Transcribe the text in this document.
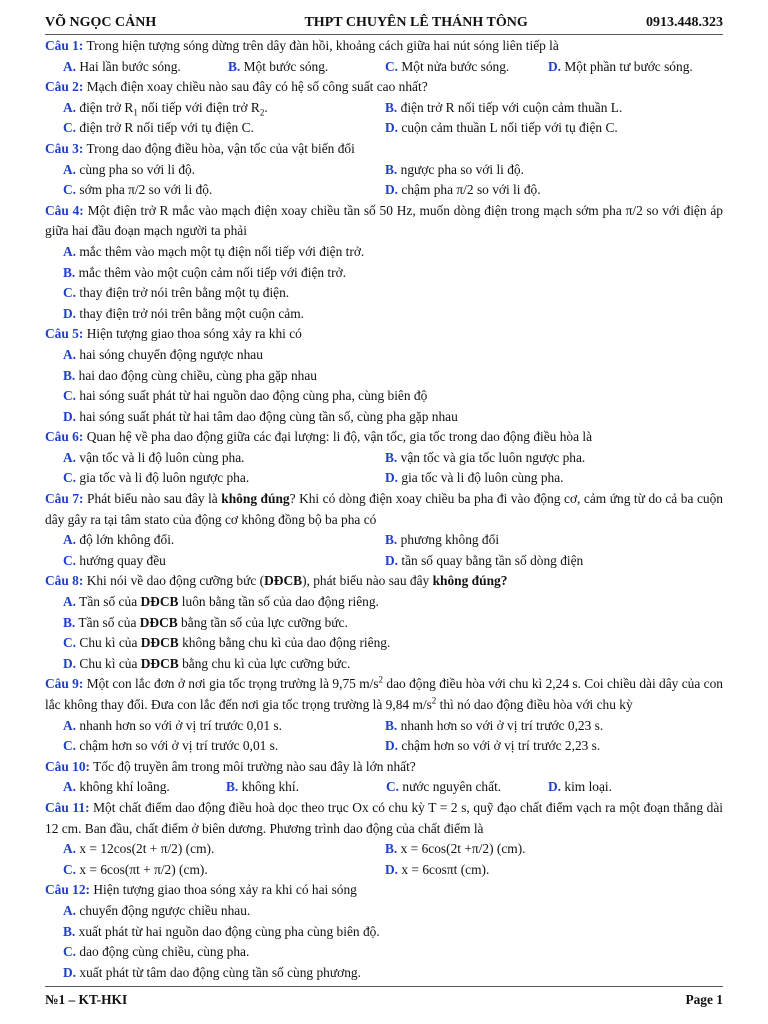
VÕ NGỌC CẢNH	THPT CHUYÊN LÊ THÁNH TÔNG	0913.448.323
Câu 1: Trong hiện tượng sóng dừng trên dây đàn hồi, khoảng cách giữa hai nút sóng liên tiếp là
A. Hai lần bước sóng.	B. Một bước sóng.	C. Một nửa bước sóng.	D. Một phần tư bước sóng.
Câu 2: Mạch điện xoay chiều nào sau đây có hệ số công suất cao nhất?
A. điện trở $R_1$ nối tiếp với điện trở $R_2$.	B. điện trở R nối tiếp với cuộn cảm thuần L.
C. điện trở R nối tiếp với tụ điện C.	D. cuộn cảm thuần L nối tiếp với tụ điện C.
Câu 3: Trong dao động điều hòa, vận tốc của vật biến đổi
A. cùng pha so với li độ.	B. ngược pha so với li độ.
C. sớm pha π/2 so với li độ.	D. chậm pha π/2 so với li độ.
Câu 4: Một điện trở R mắc vào mạch điện xoay chiều tần số 50 Hz, muốn dòng điện trong mạch sớm pha π/2 so với điện áp giữa hai đầu đoạn mạch người ta phải
A. mắc thêm vào mạch một tụ điện nối tiếp với điện trở.
B. mắc thêm vào một cuộn cảm nối tiếp với điện trở.
C. thay điện trở nói trên bằng một tụ điện.
D. thay điện trở nói trên bằng một cuộn cảm.
Câu 5: Hiện tượng giao thoa sóng xảy ra khi có
A. hai sóng chuyển động ngược nhau
B. hai dao động cùng chiều, cùng pha gặp nhau
C. hai sóng suất phát từ hai nguồn dao động cùng pha, cùng biên độ
D. hai sóng suất phát từ hai tâm dao động cùng tần số, cùng pha gặp nhau
Câu 6: Quan hệ về pha dao động giữa các đại lượng: li độ, vận tốc, gia tốc trong dao động điều hòa là
A. vận tốc và li độ luôn cùng pha.	B. vận tốc và gia tốc luôn ngược pha.
C. gia tốc và li độ luôn ngược pha.	D. gia tốc và li độ luôn cùng pha.
Câu 7: Phát biểu nào sau đây là không đúng? Khi có dòng điện xoay chiều ba pha đi vào động cơ, cảm ứng từ do cả ba cuộn dây gây ra tại tâm stato của động cơ không đồng bộ ba pha có
A. độ lớn không đổi.	B. phương không đổi
C. hướng quay đều	D. tần số quay bằng tần số dòng điện
Câu 8: Khi nói về dao động cưỡng bức (DĐCB), phát biểu nào sau đây không đúng?
A. Tần số của DĐCB luôn bằng tần số của dao động riêng.
B. Tần số của DĐCB bằng tần số của lực cưỡng bức.
C. Chu kì của DĐCB không bằng chu kì của dao động riêng.
D. Chu kì của DĐCB bằng chu kì của lực cưỡng bức.
Câu 9: Một con lắc đơn ở nơi gia tốc trọng trường là 9,75 $m/s^2$ dao động điều hòa với chu kì 2,24 s. Coi chiều dài dây của con lắc không thay đổi. Đưa con lắc đến nơi gia tốc trọng trường là 9,84 $m/s^2$ thì nó dao động điều hòa với chu kỳ
A. nhanh hơn so với ở vị trí trước 0,01 s.	B. nhanh hơn so với ở vị trí trước 0,23 s.
C. chậm hơn so với ở vị trí trước 0,01 s.	D. chậm hơn so với ở vị trí trước 2,23 s.
Câu 10: Tốc độ truyền âm trong môi trường nào sau đây là lớn nhất?
A. không khí loãng.	B. không khí.	C. nước nguyên chất.	D. kim loại.
Câu 11: Một chất điểm dao động điều hoà dọc theo trục Ox có chu kỳ T = 2 s, quỹ đạo chất điểm vạch ra một đoạn thẳng dài 12 cm. Ban đầu, chất điểm ở biên dương. Phương trình dao động của chất điểm là
A. x = 12cos(2t + π/2) (cm).	B. x = 6cos(2t +π/2) (cm).
C. x = 6cos(πt + π/2) (cm).	D. x = 6cosπt (cm).
Câu 12: Hiện tượng giao thoa sóng xảy ra khi có hai sóng
A. chuyển động ngược chiều nhau.
B. xuất phát từ hai nguồn dao động cùng pha cùng biên độ.
C. dao động cùng chiều, cùng pha.
D. xuất phát từ tâm dao động cùng tần số cùng phương.
№1 – KT-HKI	Page 1
